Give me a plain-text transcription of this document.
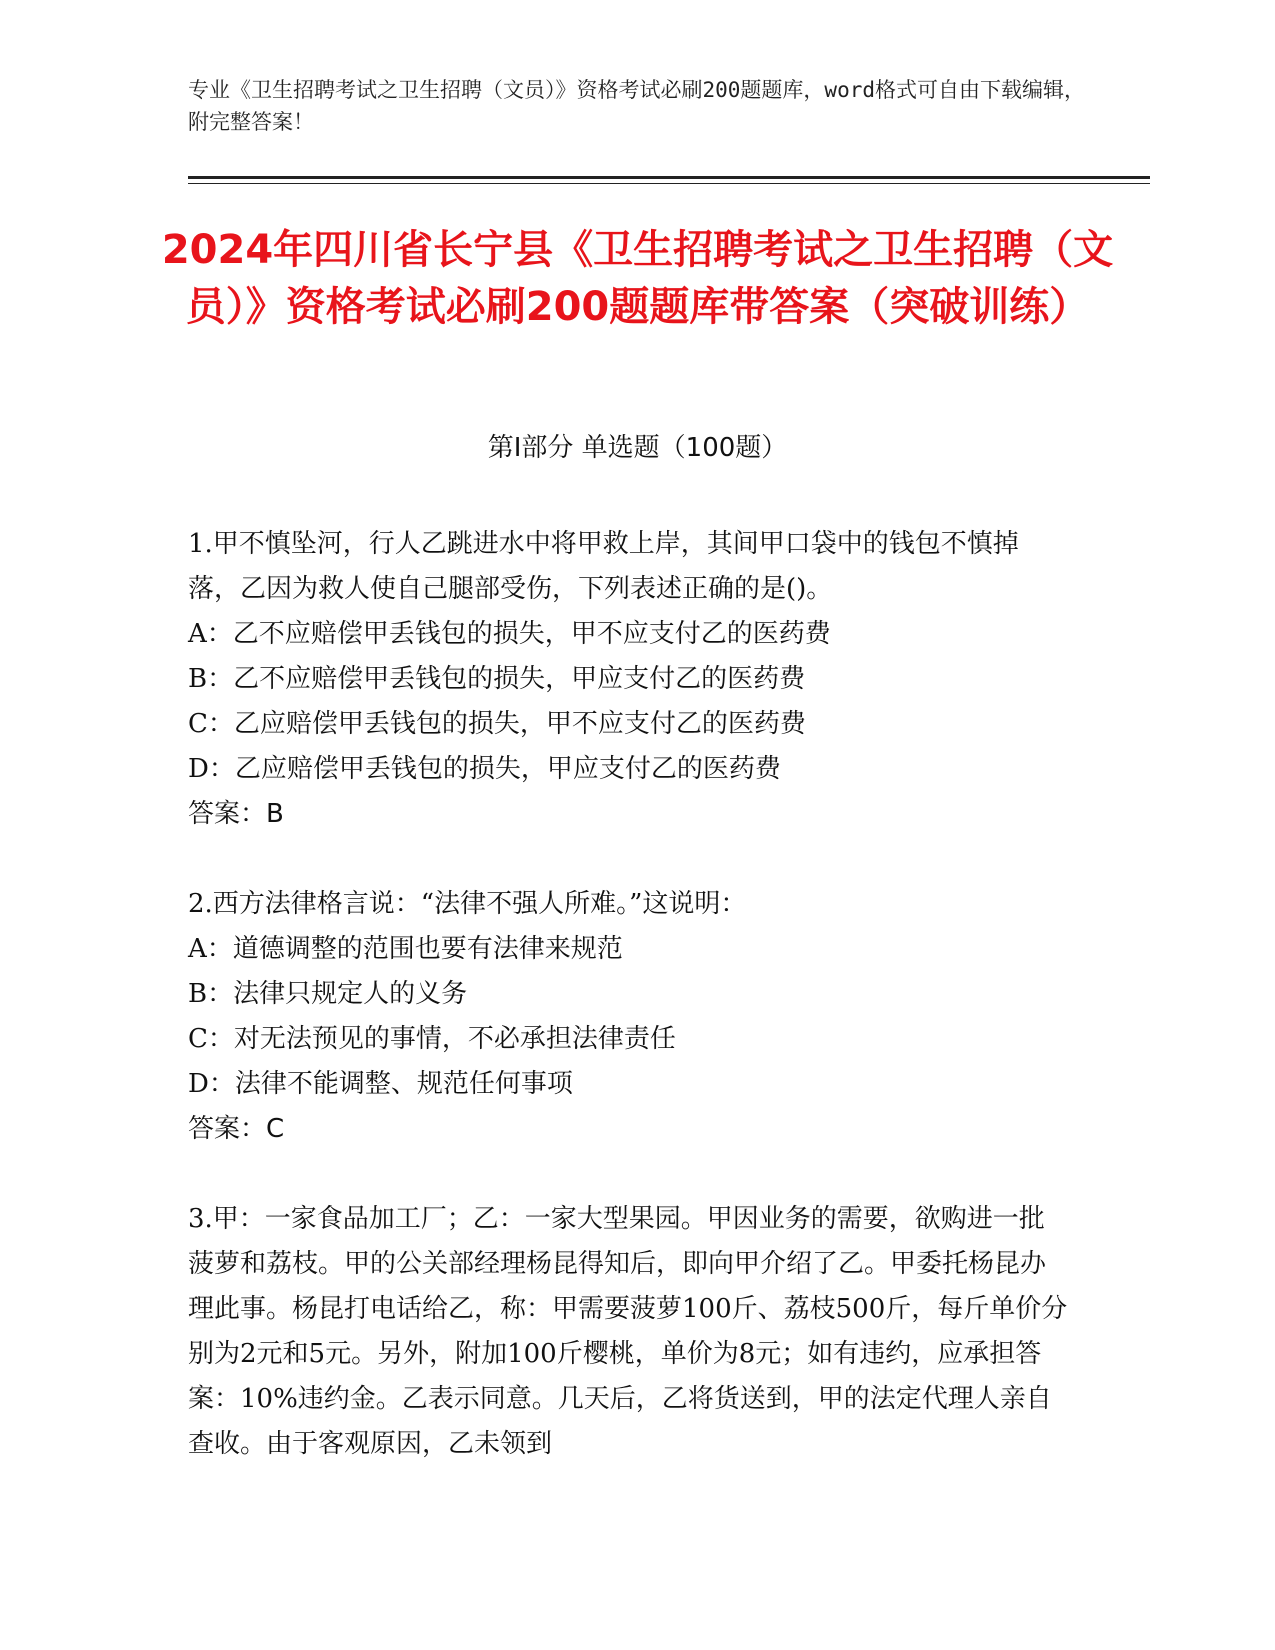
专业《卫生招聘考试之卫生招聘（文员）》资格考试必刷200题题库，word格式可自由下载编辑，附完整答案！
2024年四川省长宁县《卫生招聘考试之卫生招聘（文员）》资格考试必刷200题题库带答案（突破训练）
第Ⅰ部分 单选题（100题）

1.甲不慎坠河，行人乙跳进水中将甲救上岸，其间甲口袋中的钱包不慎掉落，乙因为救人使自己腿部受伤，下列表述正确的是()。

A：乙不应赔偿甲丢钱包的损失，甲不应支付乙的医药费

B：乙不应赔偿甲丢钱包的损失，甲应支付乙的医药费

C：乙应赔偿甲丢钱包的损失，甲不应支付乙的医药费

D：乙应赔偿甲丢钱包的损失，甲应支付乙的医药费

答案：B

2.西方法律格言说：“法律不强人所难。”这说明：

A：道德调整的范围也要有法律来规范

B：法律只规定人的义务

C：对无法预见的事情，不必承担法律责任

D：法律不能调整、规范任何事项

答案：C

3.甲：一家食品加工厂；乙：一家大型果园。甲因业务的需要，欲购进一批菠萝和荔枝。甲的公关部经理杨昆得知后，即向甲介绍了乙。甲委托杨昆办理此事。杨昆打电话给乙，称：甲需要菠萝100斤、荔枝500斤，每斤单价分别为2元和5元。另外，附加100斤樱桃，单价为8元；如有违约，应承担答案：10%违约金。乙表示同意。几天后，乙将货送到，甲的法定代理人亲自查收。由于客观原因，乙未领到
